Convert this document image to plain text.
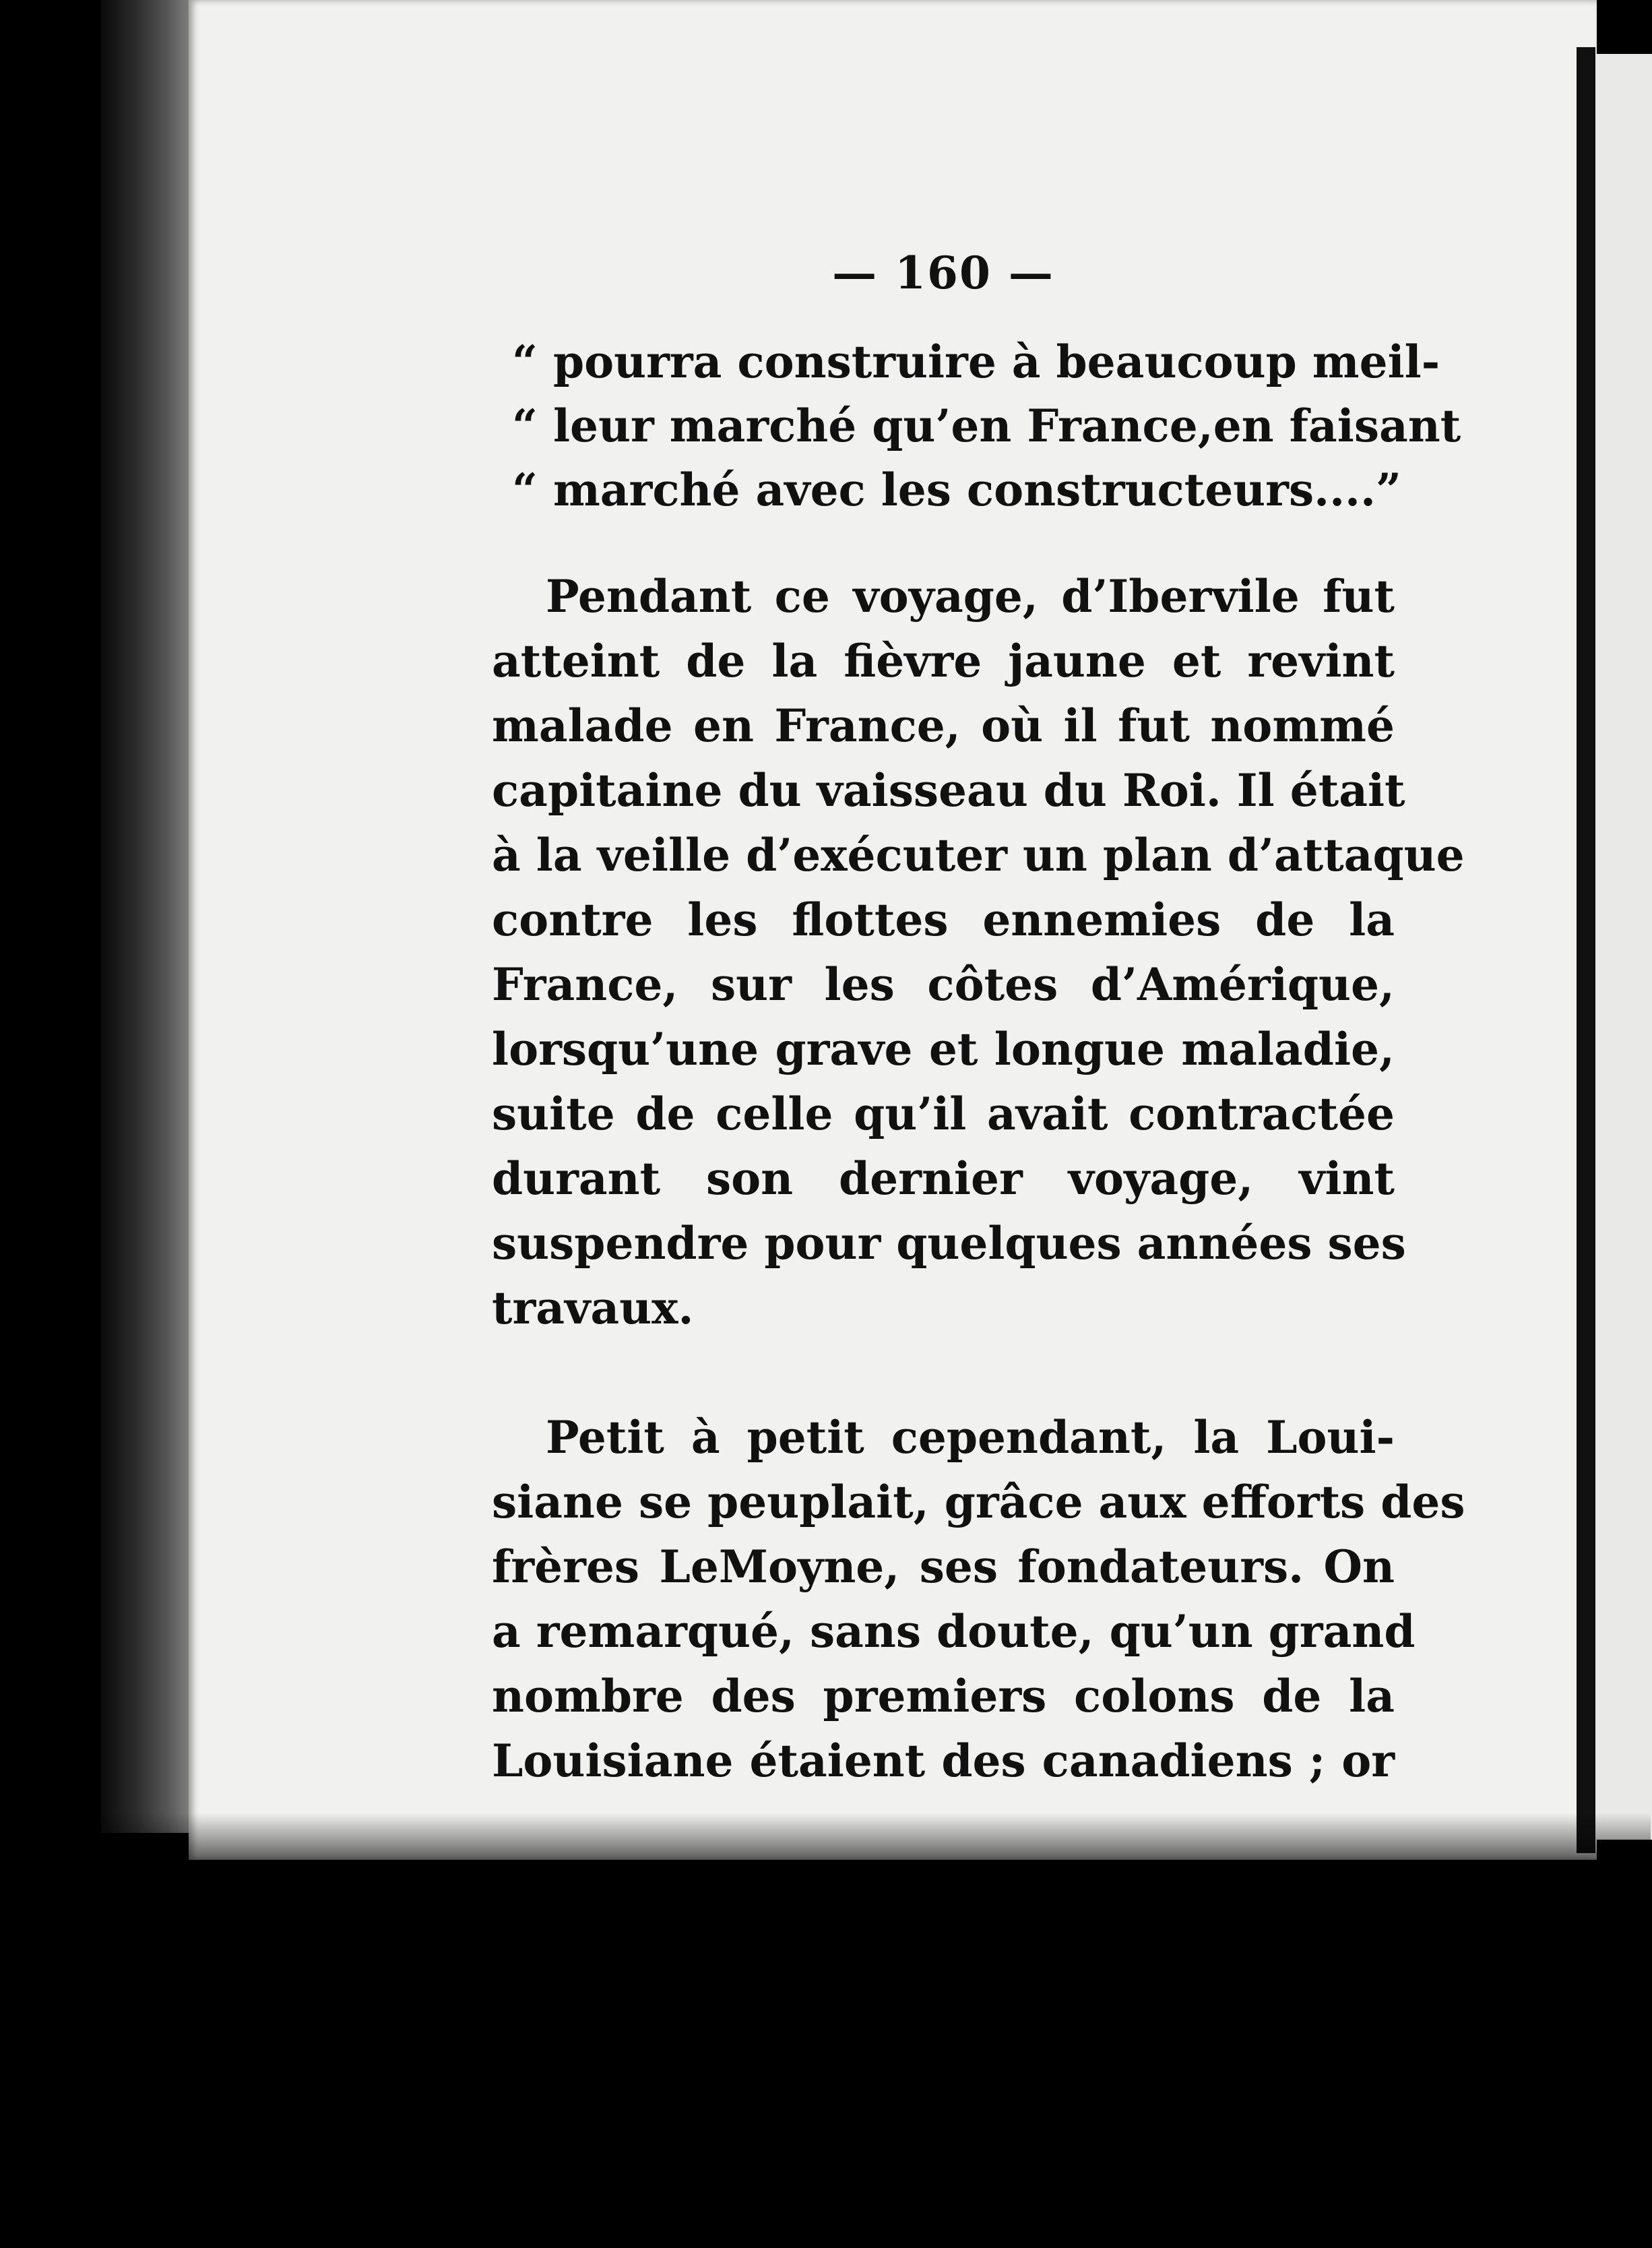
— 160 —
“ pourra construire à beaucoup meil-
“ leur marché qu’en France,en faisant
“ marché avec les constructeurs....”
Pendant ce voyage, d’Ibervile fut
atteint de la fièvre jaune et revint
malade en France, où il fut nommé
capitaine du vaisseau du Roi. Il était
à la veille d’exécuter un plan d’attaque
contre les flottes ennemies de la
France, sur les côtes d’Amérique,
lorsqu’une grave et longue maladie,
suite de celle qu’il avait contractée
durant son dernier voyage, vint
suspendre pour quelques années ses
travaux.
Petit à petit cependant, la Loui-
siane se peuplait, grâce aux efforts des
frères LeMoyne, ses fondateurs. On
a remarqué, sans doute, qu’un grand
nombre des premiers colons de la
Louisiane étaient des canadiens ; or
